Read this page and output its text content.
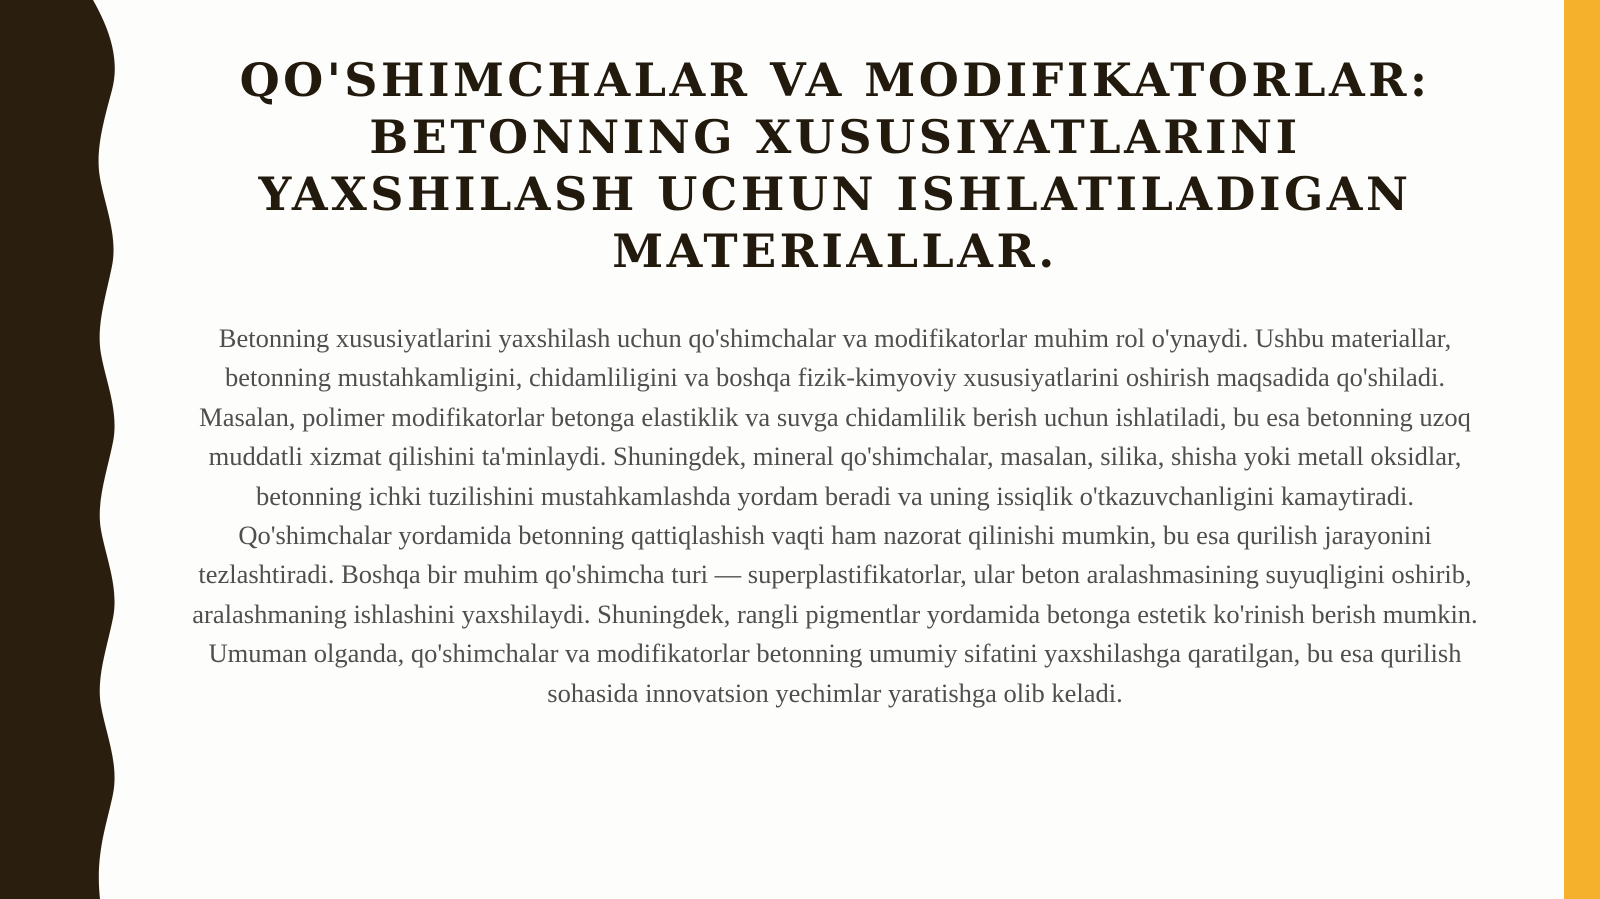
QO'SHIMCHALAR VA MODIFIKATORLAR: BETONNING XUSUSIYATLARINI YAXSHILASH UCHUN ISHLATILADIGAN MATERIALLAR.

Betonning xususiyatlarini yaxshilash uchun qo'shimchalar va modifikatorlar muhim rol o'ynaydi. Ushbu materiallar, betonning mustahkamligini, chidamliligini va boshqa fizik-kimyoviy xususiyatlarini oshirish maqsadida qo'shiladi. Masalan, polimer modifikatorlar betonga elastiklik va suvga chidamlilik berish uchun ishlatiladi, bu esa betonning uzoq muddatli xizmat qilishini ta'minlaydi. Shuningdek, mineral qo'shimchalar, masalan, silika, shisha yoki metall oksidlar, betonning ichki tuzilishini mustahkamlashda yordam beradi va uning issiqlik o'tkazuvchanligini kamaytiradi. Qo'shimchalar yordamida betonning qattiqlashish vaqti ham nazorat qilinishi mumkin, bu esa qurilish jarayonini tezlashtiradi. Boshqa bir muhim qo'shimcha turi — superplastifikatorlar, ular beton aralashmasining suyuqligini oshirib, aralashmaning ishlashini yaxshilaydi. Shuningdek, rangli pigmentlar yordamida betonga estetik ko'rinish berish mumkin. Umuman olganda, qo'shimchalar va modifikatorlar betonning umumiy sifatini yaxshilashga qaratilgan, bu esa qurilish sohasida innovatsion yechimlar yaratishga olib keladi.
